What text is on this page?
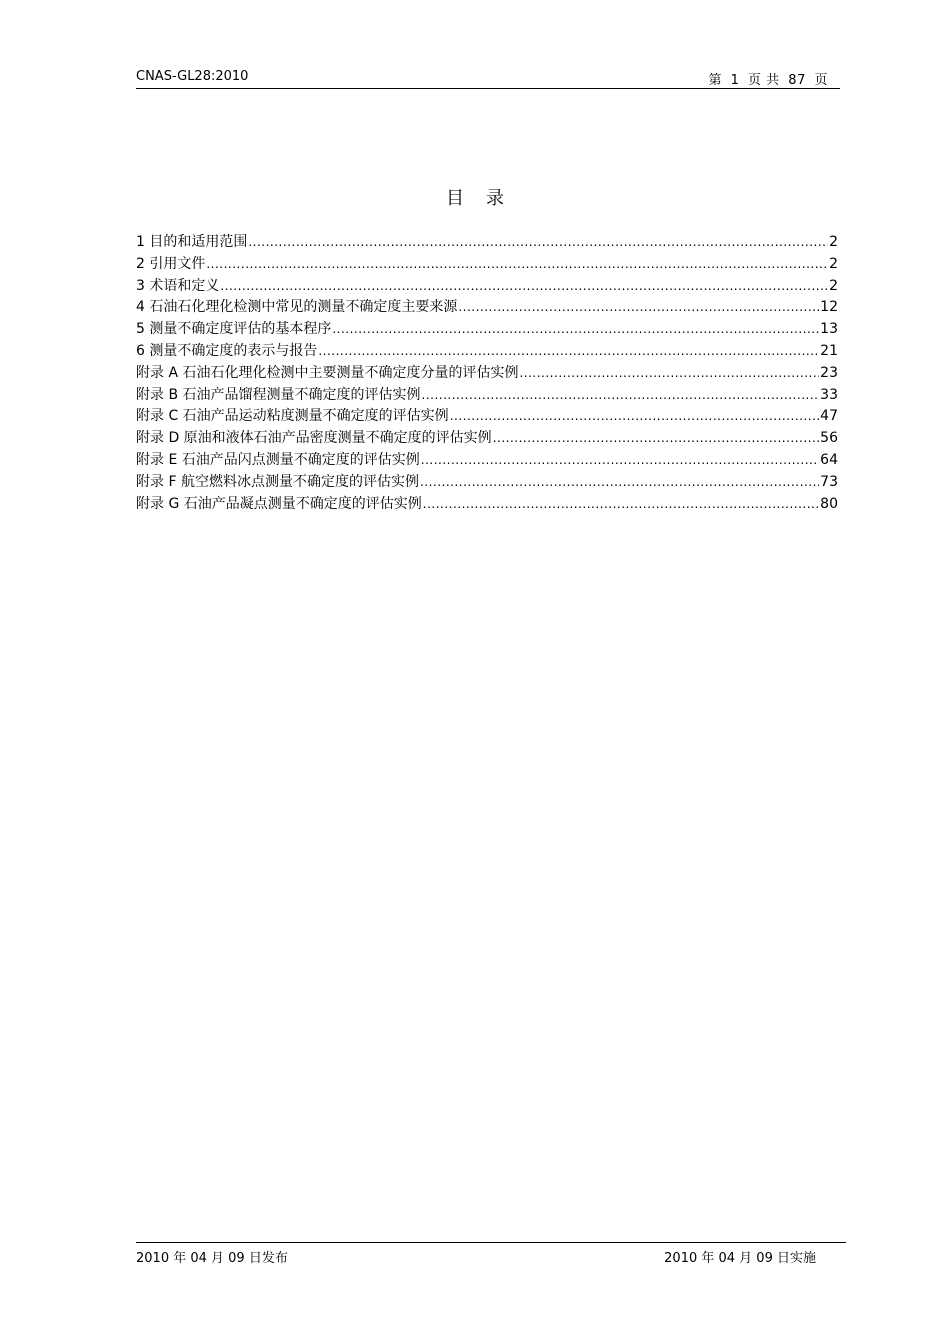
CNAS-GL28:2010	第 1 页 共 87 页
目录
1 目的和适用范围 .....	2
2 引用文件 .....	2
3 术语和定义 .....	2
4 石油石化理化检测中常见的测量不确定度主要来源 .....	12
5 测量不确定度评估的基本程序 .....	13
6 测量不确定度的表示与报告 .....	21
附录 A 石油石化理化检测中主要测量不确定度分量的评估实例 .....	23
附录 B 石油产品馏程测量不确定度的评估实例 .....	33
附录 C 石油产品运动粘度测量不确定度的评估实例 .....	47
附录 D 原油和液体石油产品密度测量不确定度的评估实例 .....	56
附录 E 石油产品闪点测量不确定度的评估实例 .....	64
附录 F 航空燃料冰点测量不确定度的评估实例 .....	73
附录 G 石油产品凝点测量不确定度的评估实例 .....	80
2010 年 04 月 09 日发布	2010 年 04 月 09 日实施
